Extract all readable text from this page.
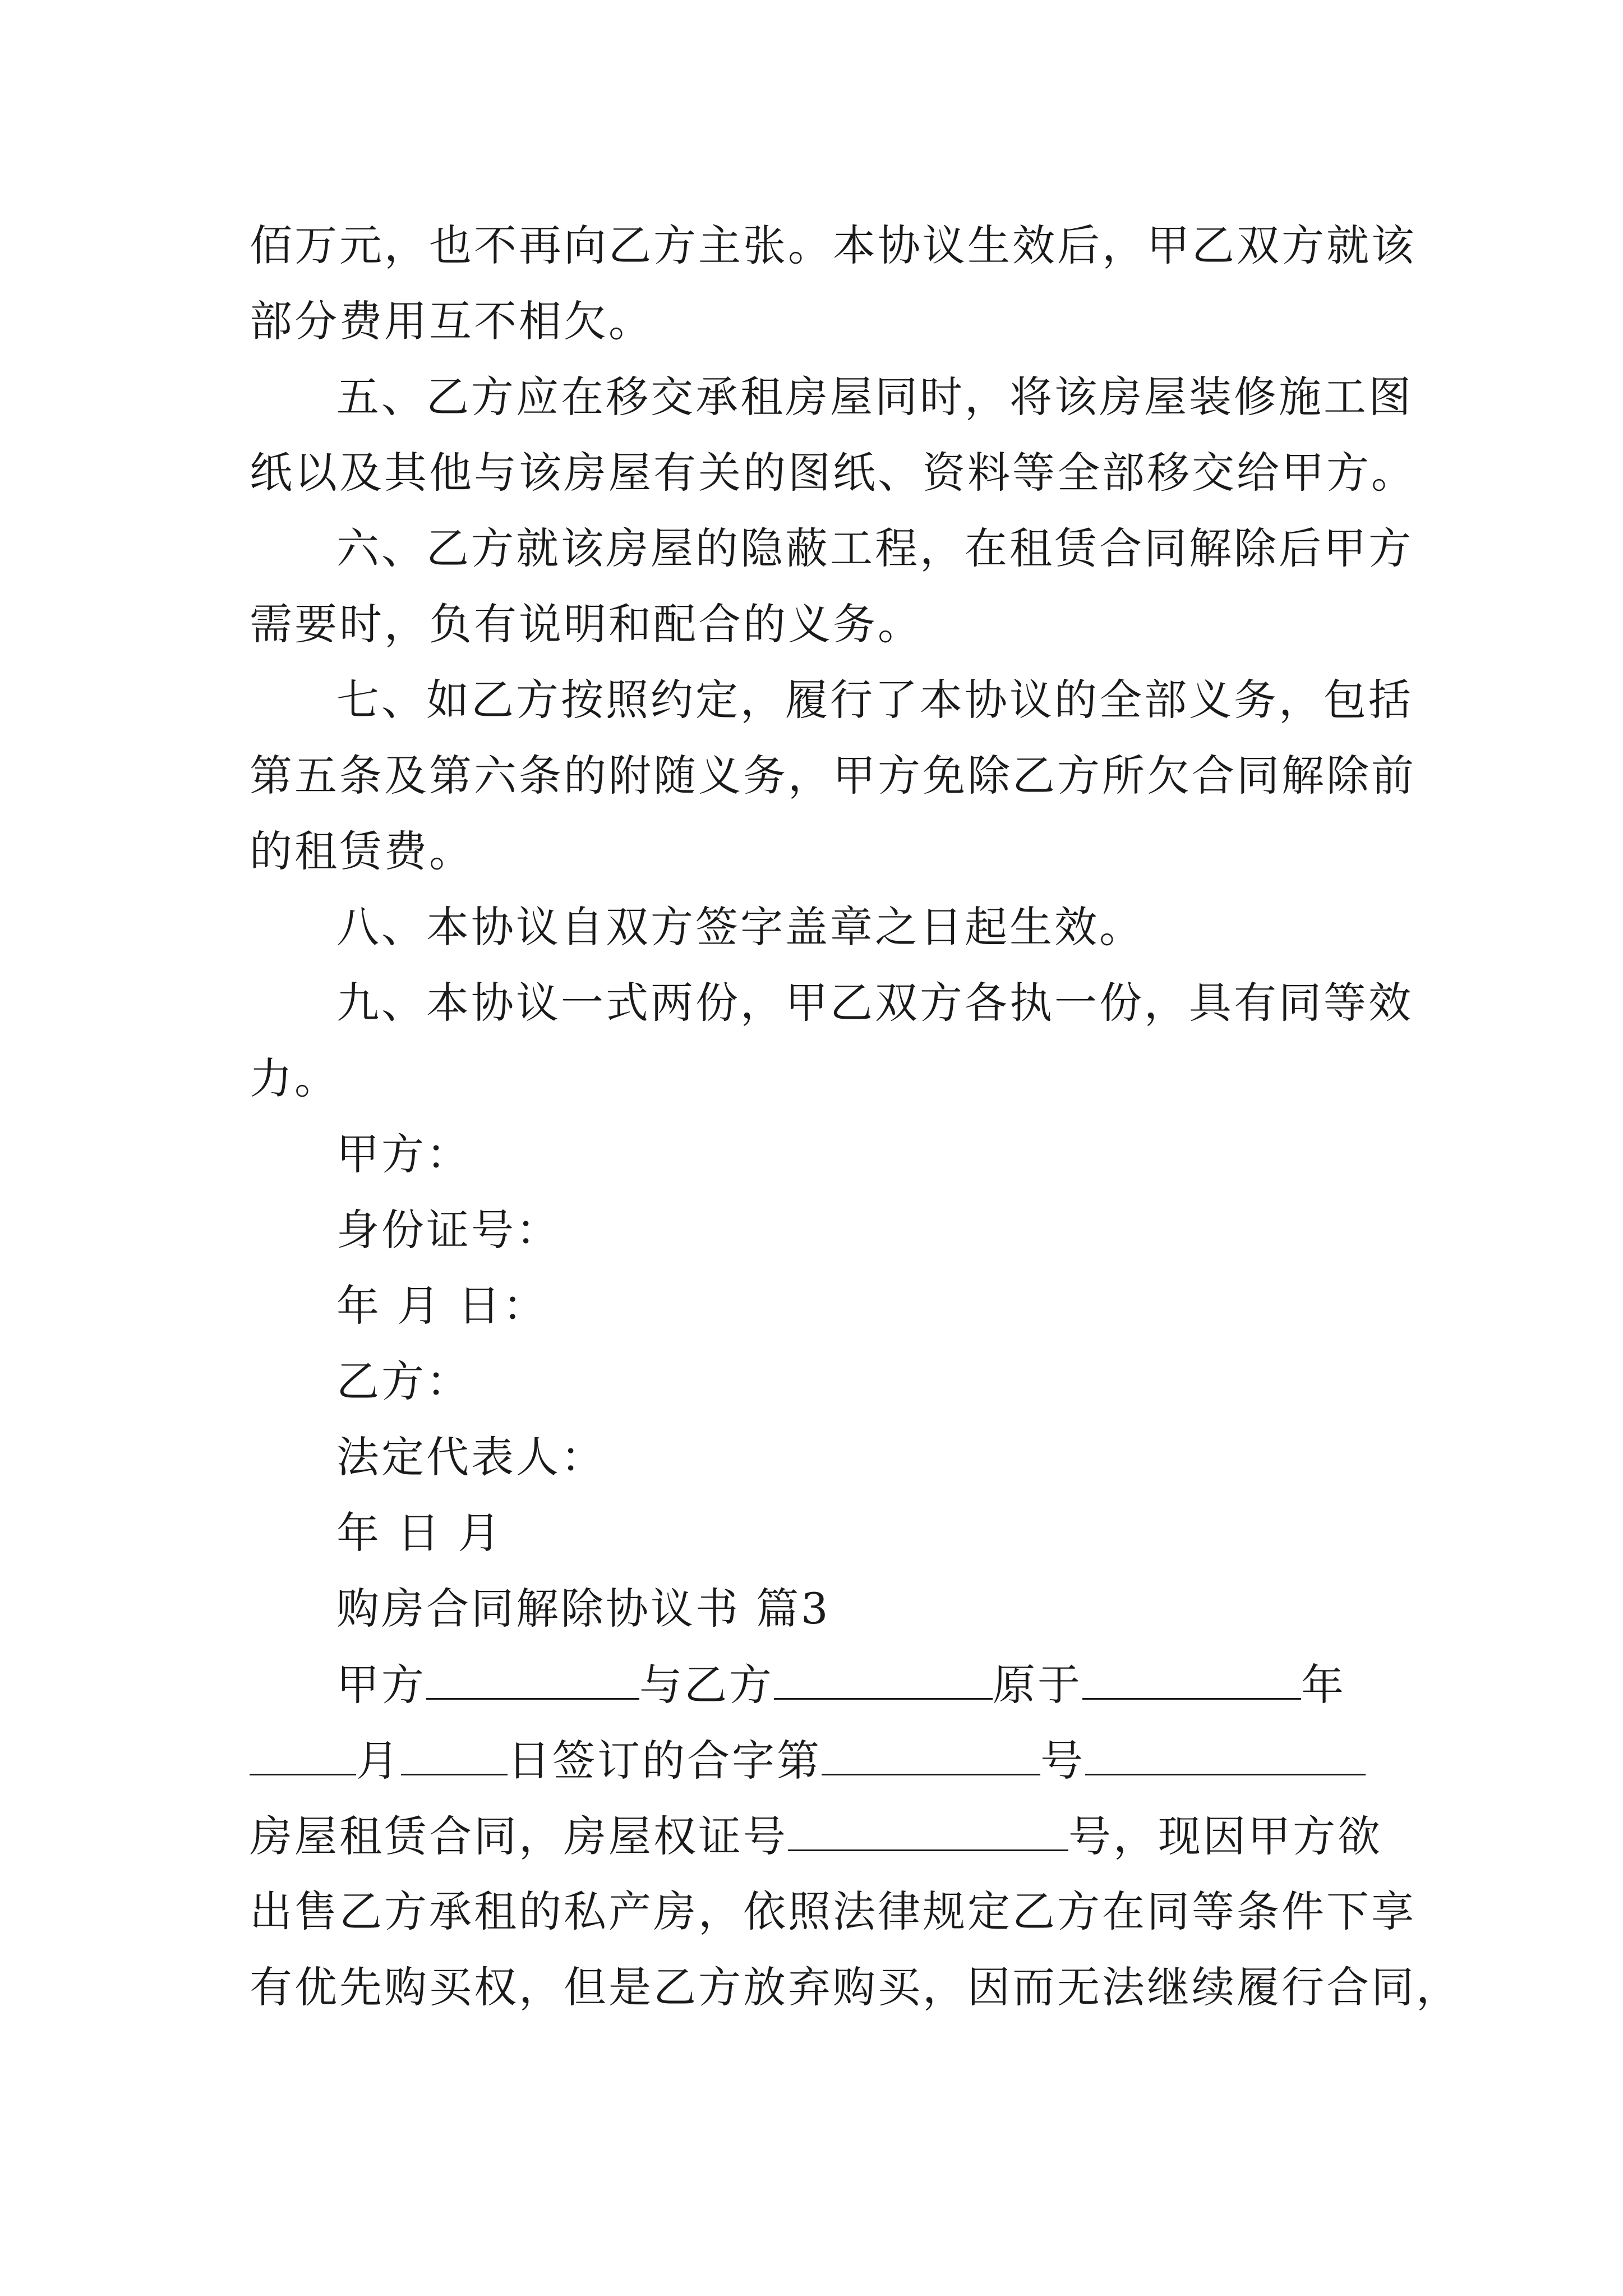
佰万元，也不再向乙方主张。本协议生效后，甲乙双方就该
部分费用互不相欠。
五、乙方应在移交承租房屋同时，将该房屋装修施工图
纸以及其他与该房屋有关的图纸、资料等全部移交给甲方。
六、乙方就该房屋的隐蔽工程，在租赁合同解除后甲方
需要时，负有说明和配合的义务。
七、如乙方按照约定，履行了本协议的全部义务，包括
第五条及第六条的附随义务，甲方免除乙方所欠合同解除前
的租赁费。
八、本协议自双方签字盖章之日起生效。
九、本协议一式两份，甲乙双方各执一份，具有同等效
力。
甲方：
身份证号：
年 月 日：
乙方：
法定代表人：
年 日 月
购房合同解除协议书 篇3
甲方	与乙方	原于	年
月	日签订的合字第	号
房屋租赁合同，房屋权证号	号，现因甲方欲
出售乙方承租的私产房，依照法律规定乙方在同等条件下享
有优先购买权，但是乙方放弃购买，因而无法继续履行合同，
